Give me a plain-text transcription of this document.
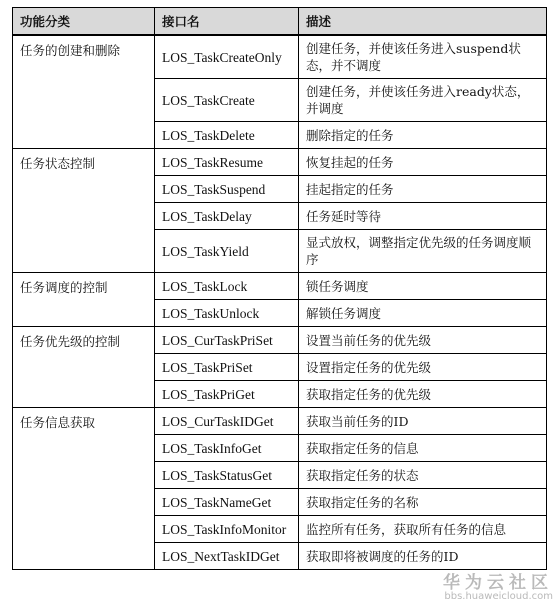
功能分类	接口名	描述
任务的创建和删除	LOS_TaskCreateOnly	创建任务，并使该任务进入suspend状态，并不调度
	LOS_TaskCreate	创建任务，并使该任务进入ready状态，并调度
	LOS_TaskDelete	删除指定的任务
任务状态控制	LOS_TaskResume	恢复挂起的任务
	LOS_TaskSuspend	挂起指定的任务
	LOS_TaskDelay	任务延时等待
	LOS_TaskYield	显式放权，调整指定优先级的任务调度顺序
任务调度的控制	LOS_TaskLock	锁任务调度
	LOS_TaskUnlock	解锁任务调度
任务优先级的控制	LOS_CurTaskPriSet	设置当前任务的优先级
	LOS_TaskPriSet	设置指定任务的优先级
	LOS_TaskPriGet	获取指定任务的优先级
任务信息获取	LOS_CurTaskIDGet	获取当前任务的ID
	LOS_TaskInfoGet	获取指定任务的信息
	LOS_TaskStatusGet	获取指定任务的状态
	LOS_TaskNameGet	获取指定任务的名称
	LOS_TaskInfoMonitor	监控所有任务，获取所有任务的信息
	LOS_NextTaskIDGet	获取即将被调度的任务的ID
华为云社区
bbs.huaweicloud.com
